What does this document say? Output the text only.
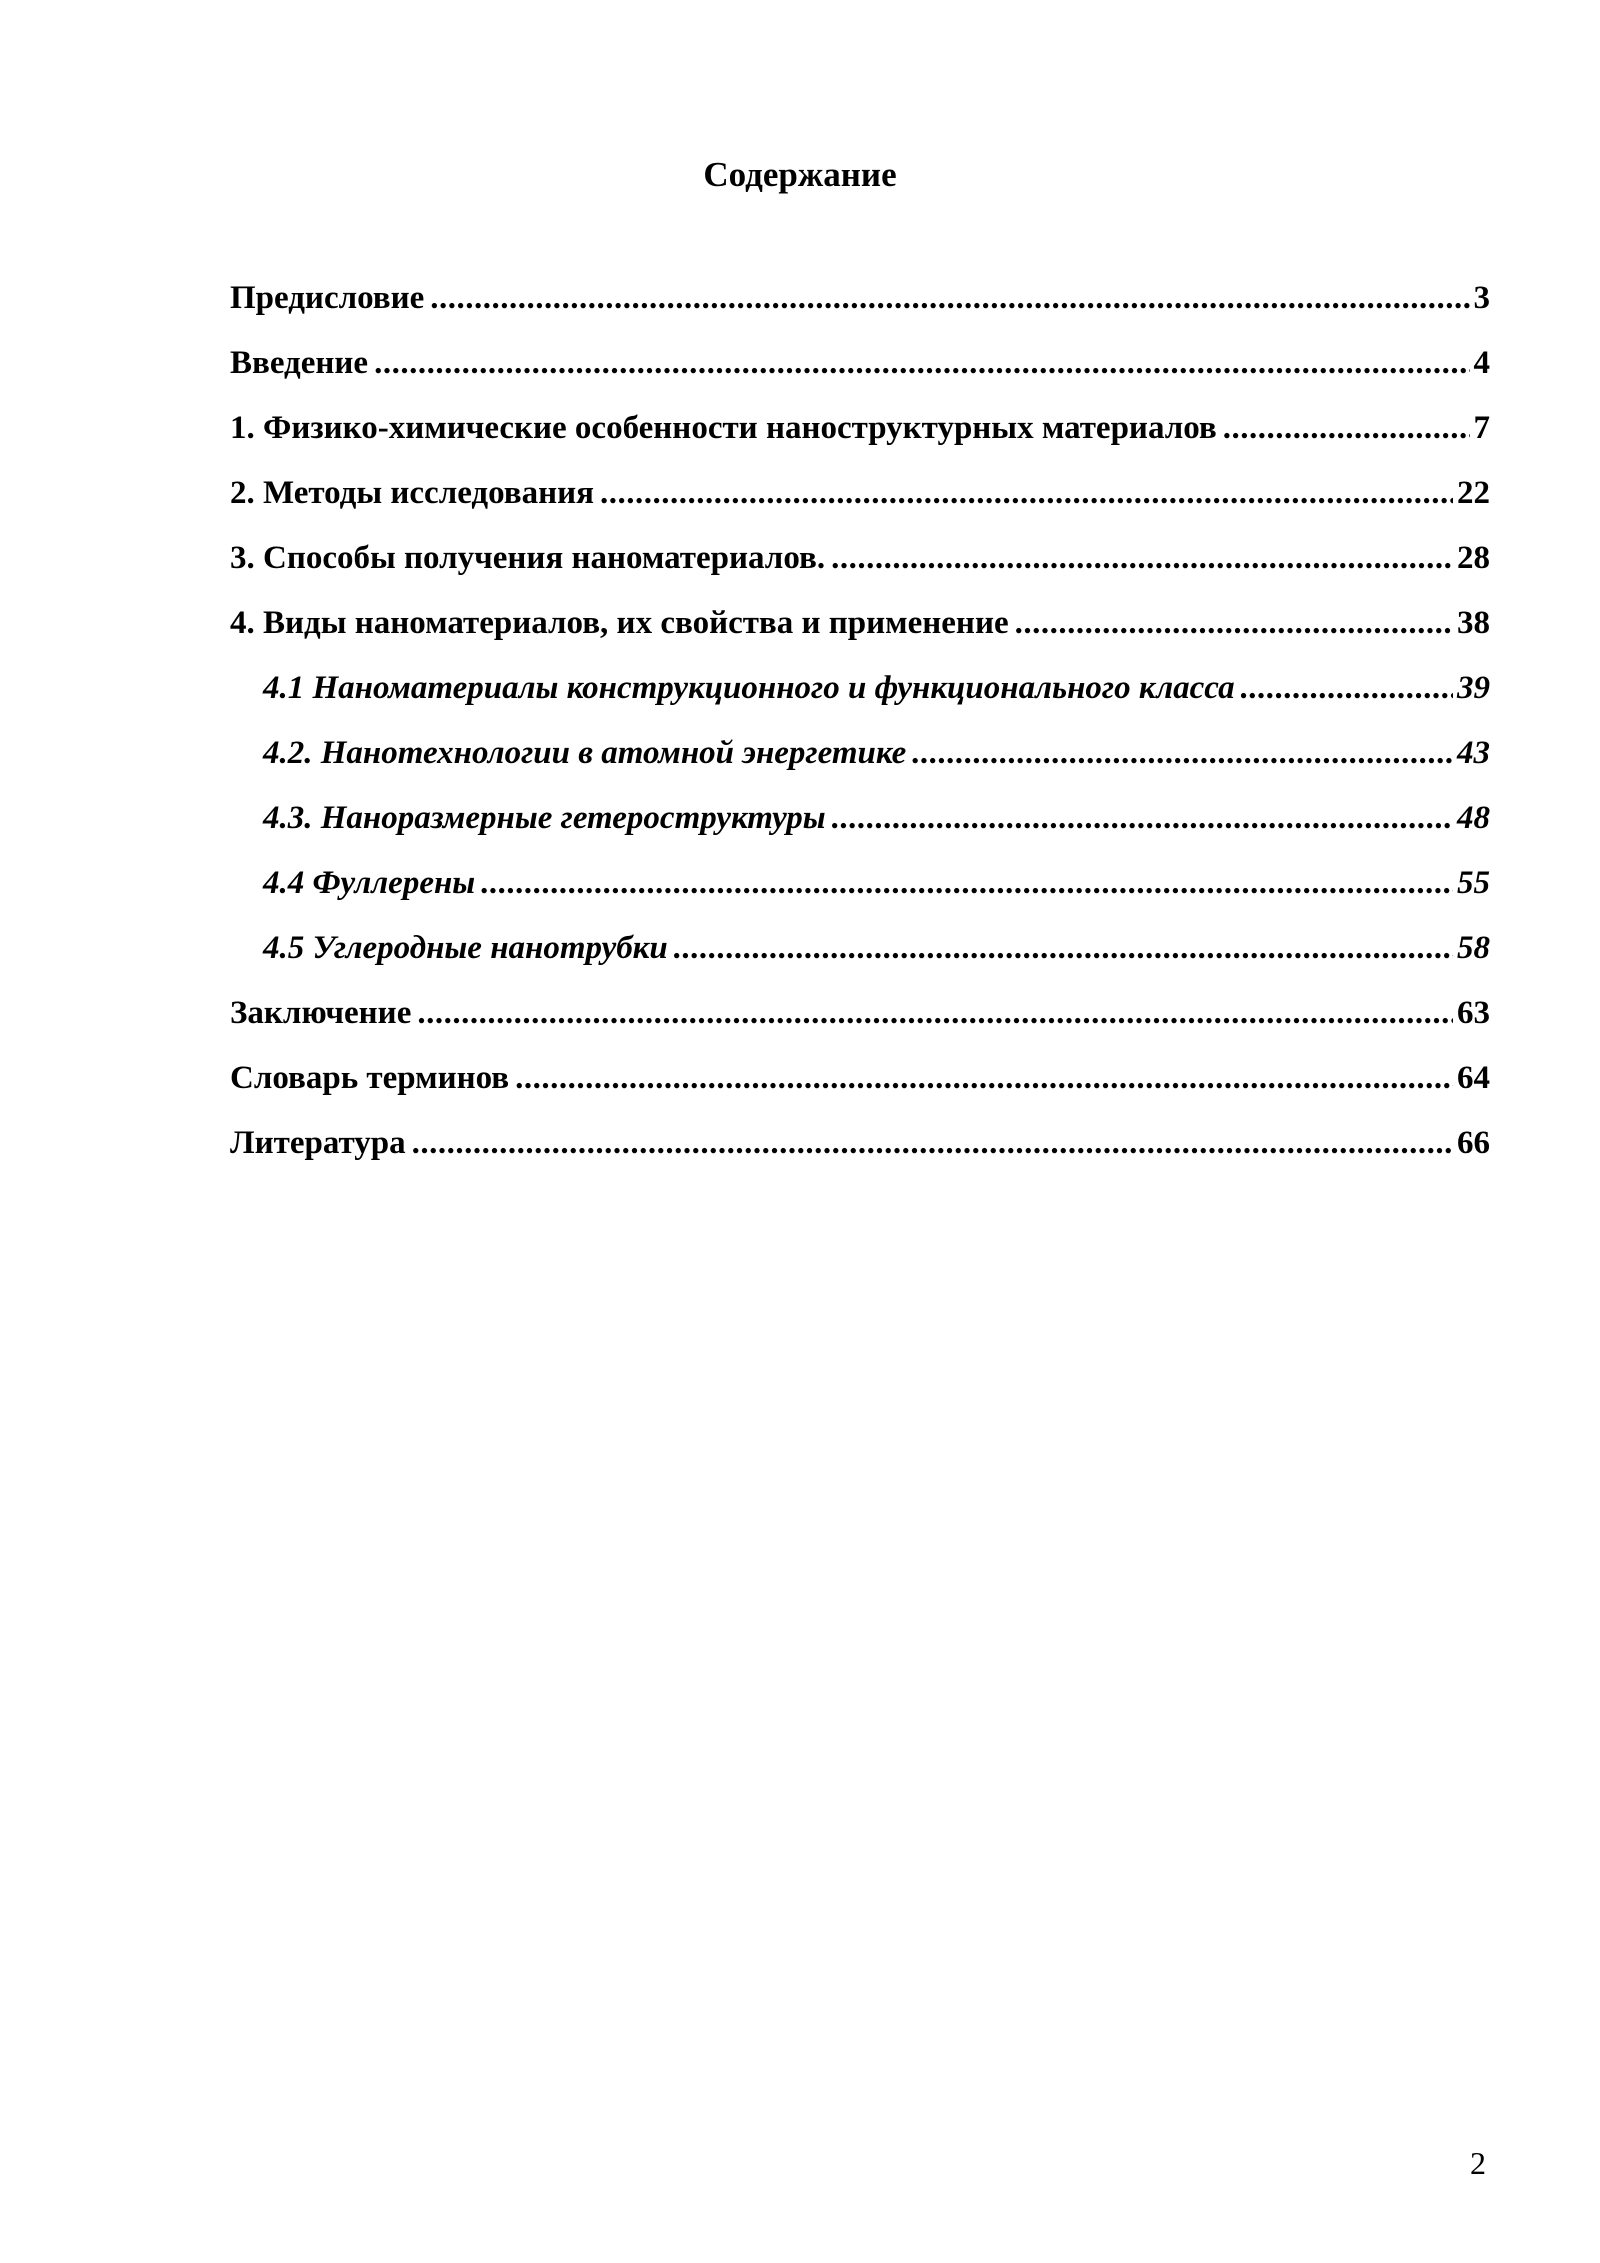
Содержание
Предисловие .....	3
Введение .....	4
1. Физико-химические особенности наноструктурных материалов .....	7
2. Методы исследования .....	22
3. Способы получения наноматериалов. .....	28
4. Виды наноматериалов, их свойства и применение .....	38
4.1 Наноматериалы конструкционного и функционального класса .....	39
4.2. Нанотехнологии в атомной энергетике .....	43
4.3. Наноразмерные гетероструктуры .....	48
4.4 Фуллерены .....	55
4.5 Углеродные нанотрубки .....	58
Заключение .....	63
Словарь терминов .....	64
Литература .....	66
2
